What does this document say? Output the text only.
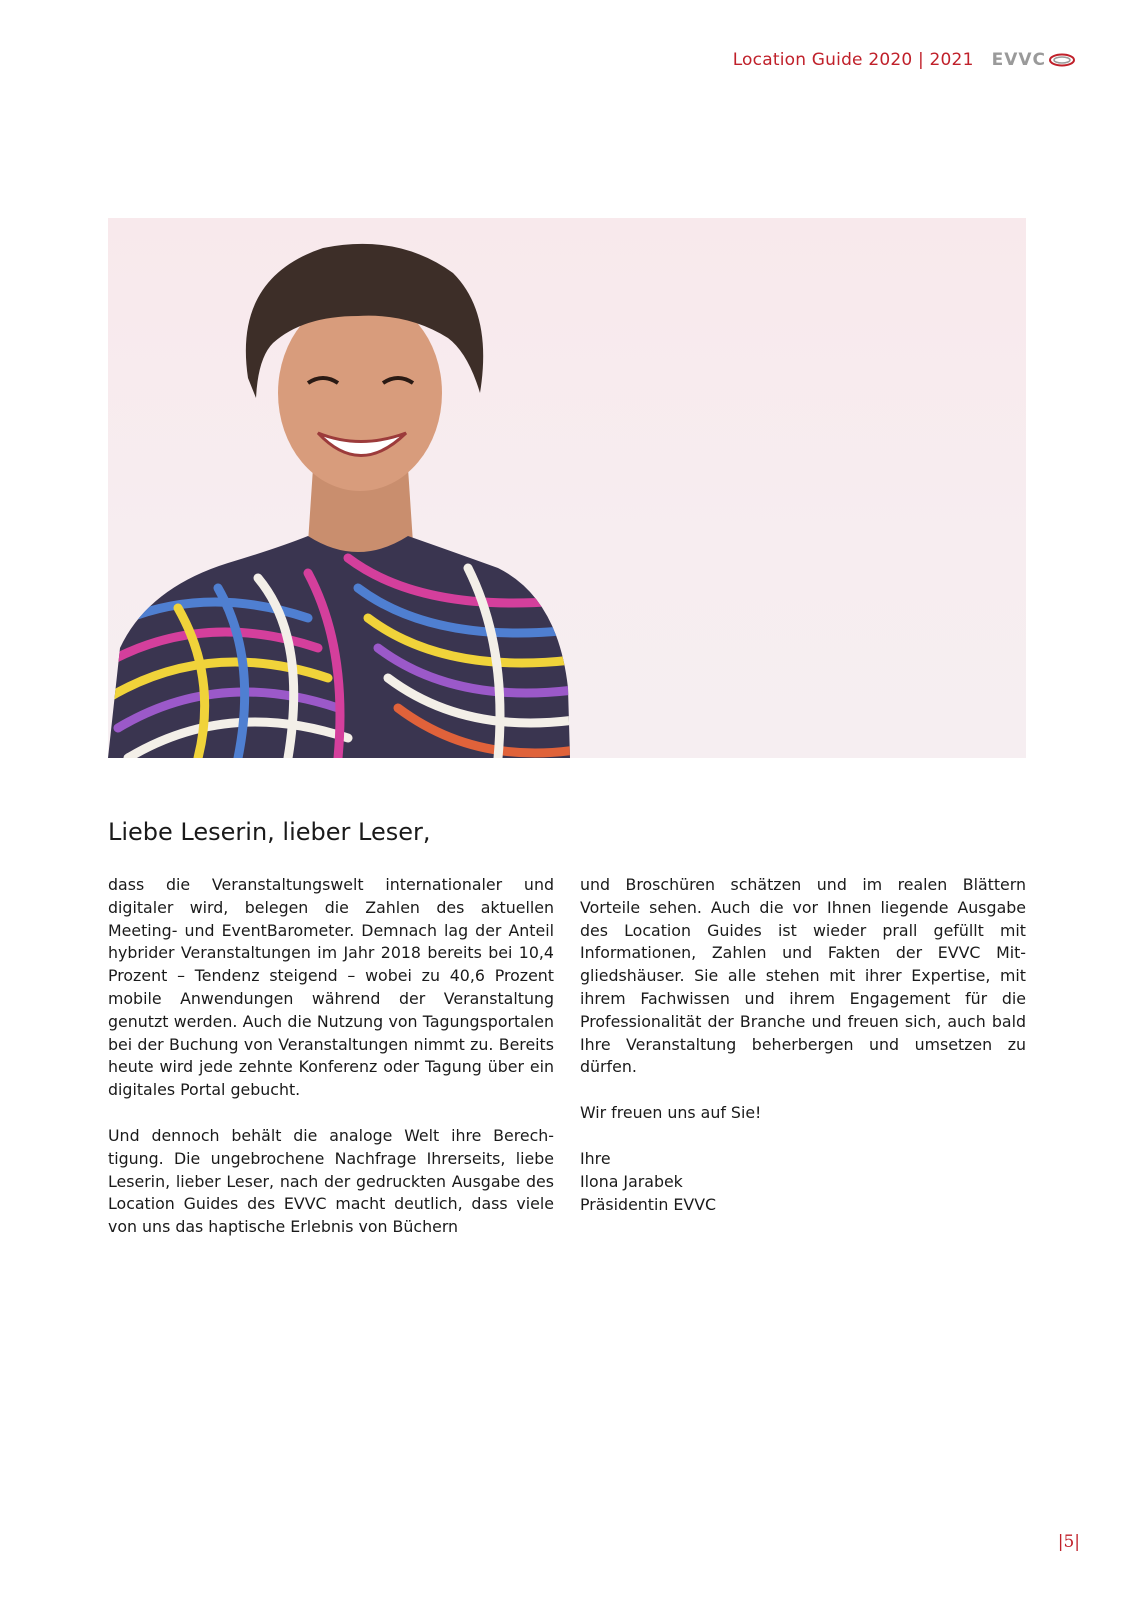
Location Guide 2020 | 2021 EVVC
Liebe Leserin, lieber Leser,

dass die Veranstaltungswelt internationaler und digitaler wird, belegen die Zahlen des aktuellen Meeting- und EventBarometer. Demnach lag der Anteil hybrider Veranstaltungen im Jahr 2018 bereits bei 10,4 Prozent – Tendenz steigend – wobei zu 40,6 Prozent mobile Anwendungen während der Veranstaltung genutzt werden. Auch die Nutzung von Tagungsportalen bei der Buchung von Veranstaltungen nimmt zu. Bereits heute wird jede zehnte Konferenz oder Tagung über ein digitales Portal gebucht.

Und dennoch behält die analoge Welt ihre Berechtigung. Die ungebrochene Nachfrage Ihrerseits, liebe Leserin, lieber Leser, nach der gedruckten Ausgabe des Location Guides des EVVC macht deutlich, dass viele von uns das haptische Erlebnis von Büchern

und Broschüren schätzen und im realen Blättern Vorteile sehen. Auch die vor Ihnen liegende Ausgabe des Location Guides ist wieder prall gefüllt mit Informationen, Zahlen und Fakten der EVVC Mitgliedshäuser. Sie alle stehen mit ihrer Expertise, mit ihrem Fachwissen und ihrem Engagement für die Professionalität der Branche und freuen sich, auch bald Ihre Veranstaltung beherbergen und umsetzen zu dürfen.

Wir freuen uns auf Sie!

Ihre

Ilona Jarabek

Präsidentin EVVC

|5|
